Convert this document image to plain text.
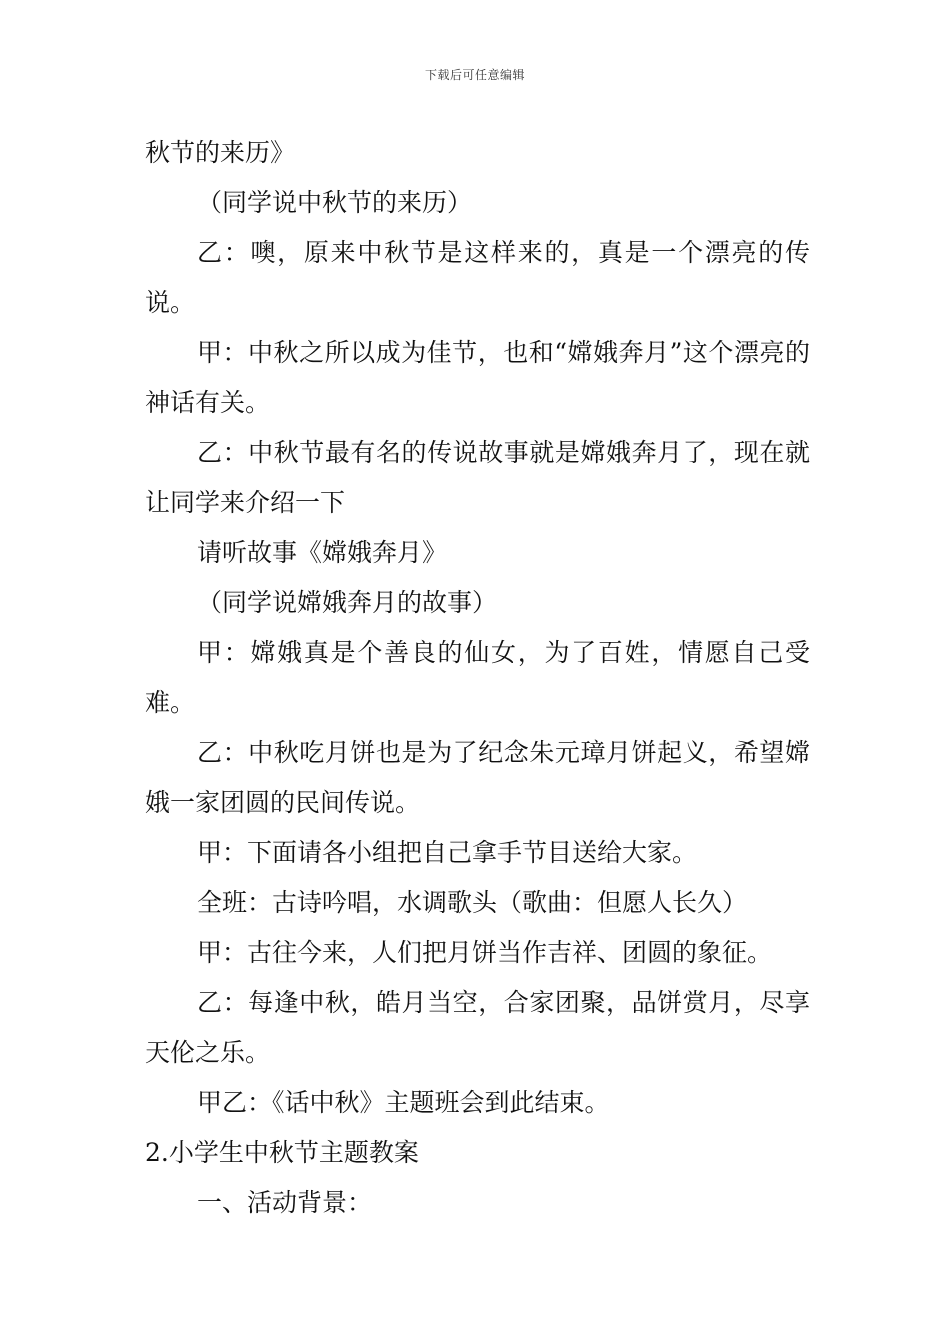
下载后可任意编辑

秋节的来历》

（同学说中秋节的来历）

乙：噢，原来中秋节是这样来的，真是一个漂亮的传说。

甲：中秋之所以成为佳节，也和“嫦娥奔月”这个漂亮的神话有关。

乙：中秋节最有名的传说故事就是嫦娥奔月了，现在就让同学来介绍一下

请听故事《嫦娥奔月》

（同学说嫦娥奔月的故事）

甲：嫦娥真是个善良的仙女，为了百姓，情愿自己受难。

乙：中秋吃月饼也是为了纪念朱元璋月饼起义，希望嫦娥一家团圆的民间传说。

甲：下面请各小组把自己拿手节目送给大家。

全班：古诗吟唱，水调歌头（歌曲：但愿人长久）

甲：古往今来，人们把月饼当作吉祥、团圆的象征。

乙：每逢中秋，皓月当空，合家团聚，品饼赏月，尽享天伦之乐。

甲乙：《话中秋》主题班会到此结束。

2.小学生中秋节主题教案

一、活动背景：
